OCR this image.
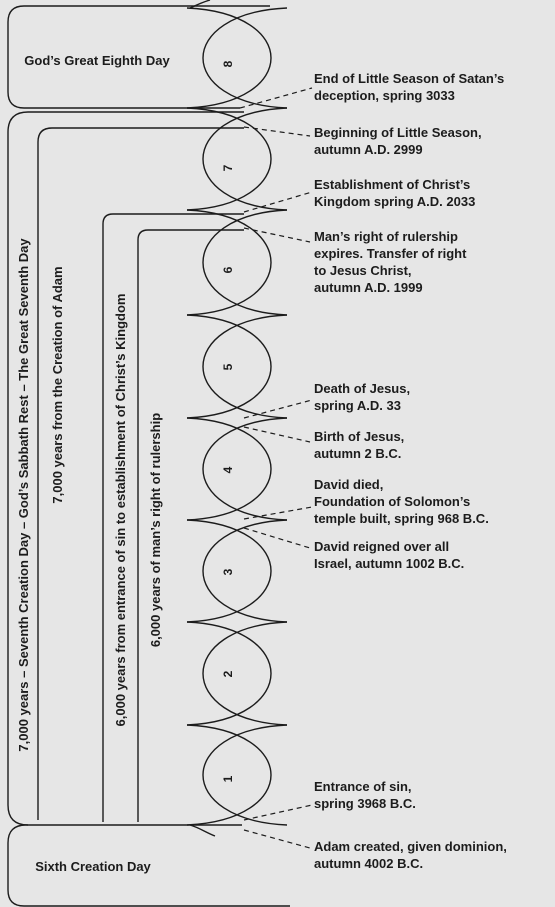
God’s Great Eighth Day
Sixth Creation Day
7,000 years – Seventh Creation Day – God’s Sabbath Rest – The Great Seventh Day 7,000 years from the Creation of Adam	6,000 years from entrance of sin to establishment of Christ’s Kingdom 6,000 years of man’s right of rulership
1
2
3
4
5
6
7
8
End of Little Season of Satan’s
deception, spring 3033
Beginning of Little Season,
autumn A.D. 2999
Establishment of Christ’s
Kingdom spring A.D. 2033
Man’s right of rulership
expires. Transfer of right
to Jesus Christ,
autumn A.D. 1999
Death of Jesus,
spring A.D. 33
Birth of Jesus,
autumn 2 B.C.
David died,
Foundation of Solomon’s
temple built, spring 968 B.C.
David reigned over all
Israel, autumn 1002 B.C.
Entrance of sin,
spring 3968 B.C.
Adam created, given dominion,
autumn 4002 B.C.
